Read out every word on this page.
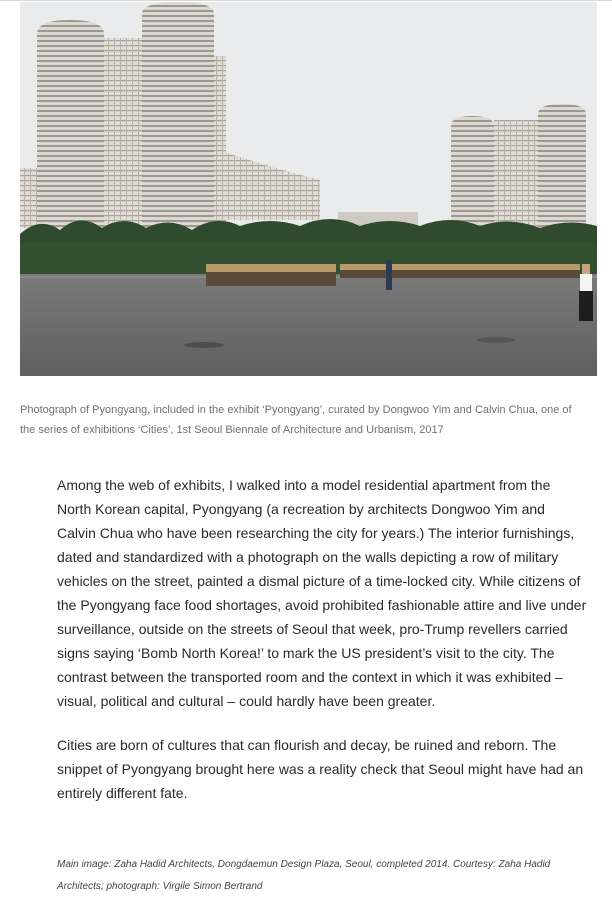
Photograph of Pyongyang, included in the exhibit ‘Pyongyang’, curated by Dongwoo Yim and Calvin Chua, one of the series of exhibitions ‘Cities’, 1st Seoul Biennale of Architecture and Urbanism, 2017

Among the web of exhibits, I walked into a model residential apartment from the North Korean capital, Pyongyang (a recreation by architects Dongwoo Yim and Calvin Chua who have been researching the city for years.) The interior furnishings, dated and standardized with a photograph on the walls depicting a row of military vehicles on the street, painted a dismal picture of a time-locked city. While citizens of the Pyongyang face food shortages, avoid prohibited fashionable attire and live under surveillance, outside on the streets of Seoul that week, pro-Trump revellers carried signs saying ‘Bomb North Korea!’ to mark the US president’s visit to the city. The contrast between the transported room and the context in which it was exhibited – visual, political and cultural – could hardly have been greater.

Cities are born of cultures that can flourish and decay, be ruined and reborn. The snippet of Pyongyang brought here was a reality check that Seoul might have had an entirely different fate.

Main image: Zaha Hadid Architects, Dongdaemun Design Plaza, Seoul, completed 2014. Courtesy: Zaha Hadid Architects; photograph: Virgile Simon Bertrand
